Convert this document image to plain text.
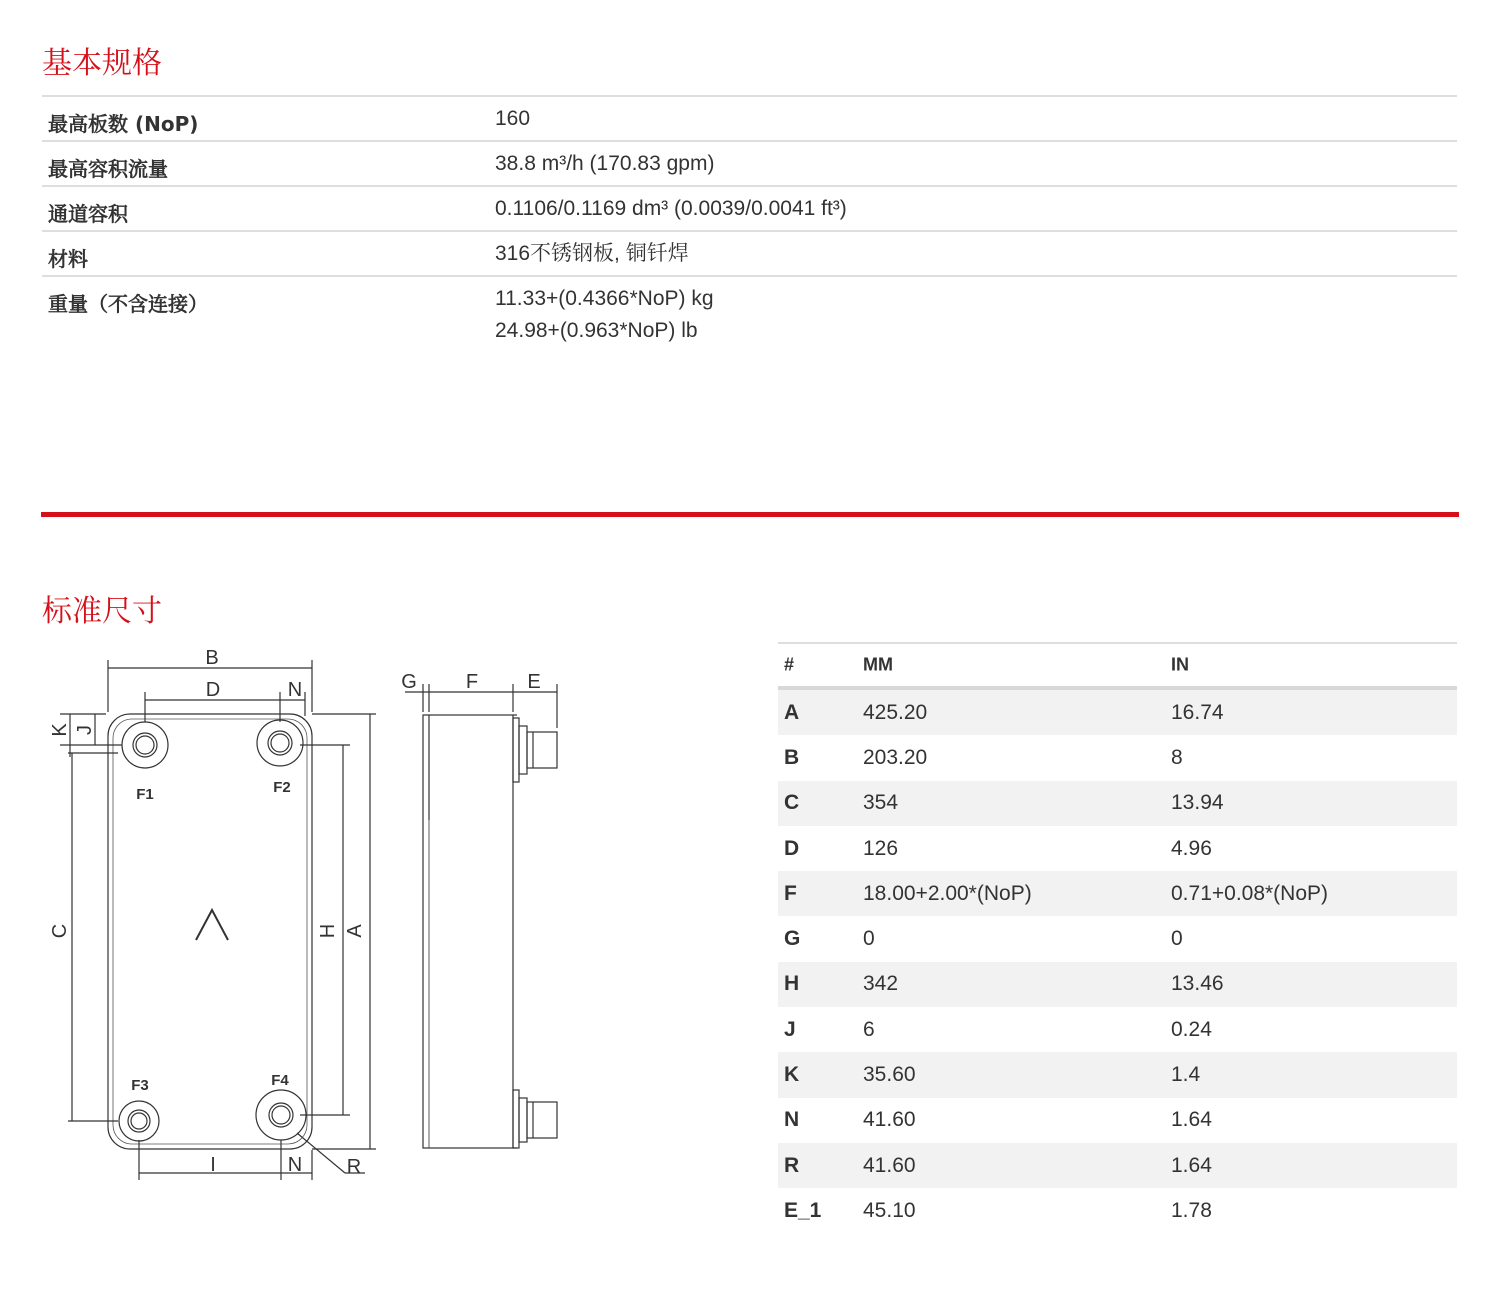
基本规格
最高板数 (NoP)	160
最高容积流量	38.8 m³/h (170.83 gpm)
通道容积	0.1106/0.1169 dm³ (0.0039/0.0041 ft³)
材料	316不锈钢板, 铜钎焊
重量（不含连接）	11.33+(0.4366*NoP) kg
24.98+(0.963*NoP) lb
标准尺寸
B
D	N	G F E
I	N R
K J
C	H A
F1	F2
F3	F4
#	MM	IN
A	425.20	16.74
B	203.20	8
C	354	13.94
D	126	4.96
F	18.00+2.00*(NoP)	0.71+0.08*(NoP)
G	0	0
H	342	13.46
J	6	0.24
K	35.60	1.4
N	41.60	1.64
R	41.60	1.64
E_1 45.10	1.78
